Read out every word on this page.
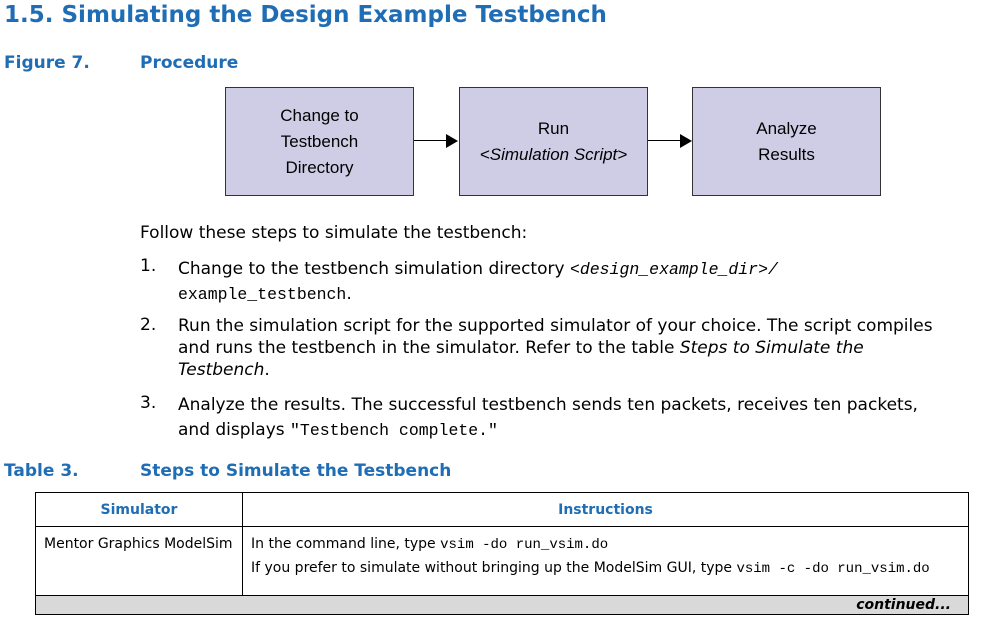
1.5. Simulating the Design Example Testbench
Figure 7.	Procedure
Change to
Testbench
Directory
Run
<Simulation Script>
Analyze
Results
Follow these steps to simulate the testbench:
1. Change to the testbench simulation directory <design_example_dir>/
example_testbench.
2. Run the simulation script for the supported simulator of your choice. The script compiles and runs the testbench in the simulator. Refer to the table Steps to Simulate the Testbench.
3. Analyze the results. The successful testbench sends ten packets, receives ten packets, and displays "Testbench complete."
Table 3.	Steps to Simulate the Testbench
Simulator	Instructions
Mentor Graphics ModelSim	In the command line, type vsim -do run_vsim.do

If you prefer to simulate without bringing up the ModelSim GUI, type vsim -c -do run_vsim.do

continued...	
